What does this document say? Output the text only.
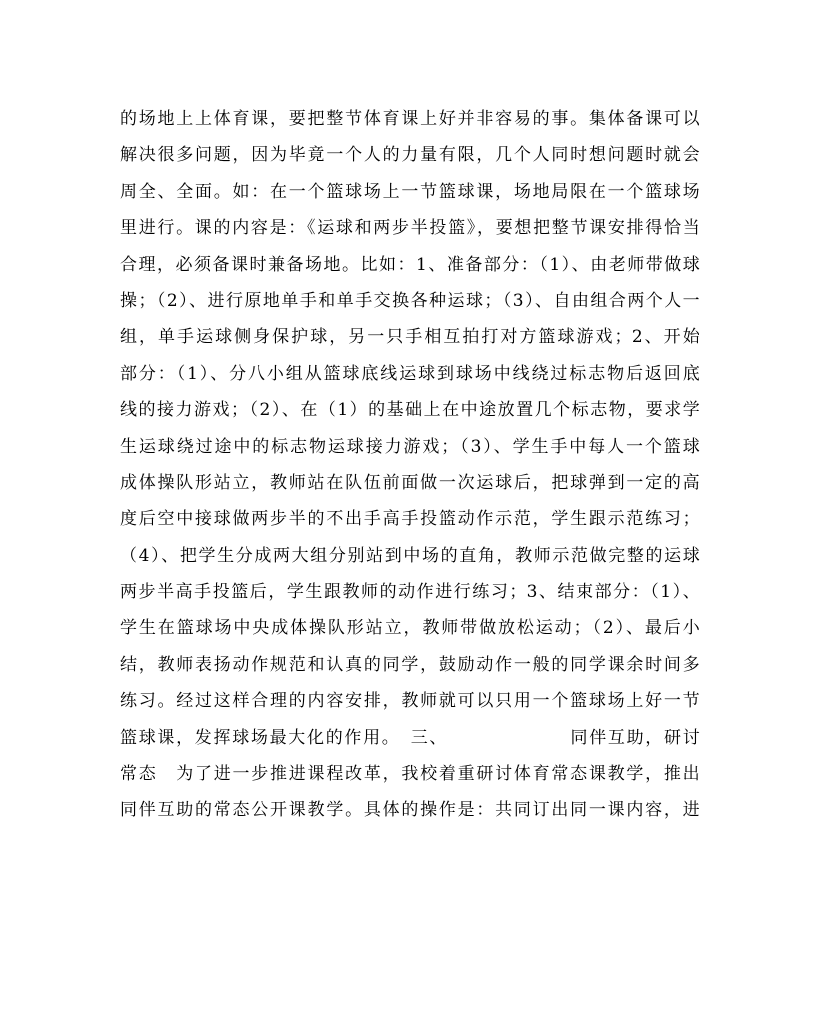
的场地上上体育课，要把整节体育课上好并非容易的事。集体备课可以
解决很多问题，因为毕竟一个人的力量有限，几个人同时想问题时就会
周全、全面。如：在一个篮球场上一节篮球课，场地局限在一个篮球场
里进行。课的内容是：《运球和两步半投篮》，要想把整节课安排得恰当
合理，必须备课时兼备场地。比如：1、准备部分：（1）、由老师带做球
操；（2）、进行原地单手和单手交换各种运球；（3）、自由组合两个人一
组，单手运球侧身保护球，另一只手相互拍打对方篮球游戏；2、开始
部分：（1）、分八小组从篮球底线运球到球场中线绕过标志物后返回底
线的接力游戏；（2）、在（1）的基础上在中途放置几个标志物，要求学
生运球绕过途中的标志物运球接力游戏；（3）、学生手中每人一个篮球
成体操队形站立，教师站在队伍前面做一次运球后，把球弹到一定的高
度后空中接球做两步半的不出手高手投篮动作示范，学生跟示范练习；
（4）、把学生分成两大组分别站到中场的直角，教师示范做完整的运球
两步半高手投篮后，学生跟教师的动作进行练习；3、结束部分：（1）、
学生在篮球场中央成体操队形站立，教师带做放松运动；（2）、最后小
结，教师表扬动作规范和认真的同学，鼓励动作一般的同学课余时间多
练习。经过这样合理的内容安排，教师就可以只用一个篮球场上好一节
篮球课，发挥球场最大化的作用。　三、　　　　　　　同伴互助，研讨
常态　为了进一步推进课程改革，我校着重研讨体育常态课教学，推出
同伴互助的常态公开课教学。具体的操作是：共同订出同一课内容，进
